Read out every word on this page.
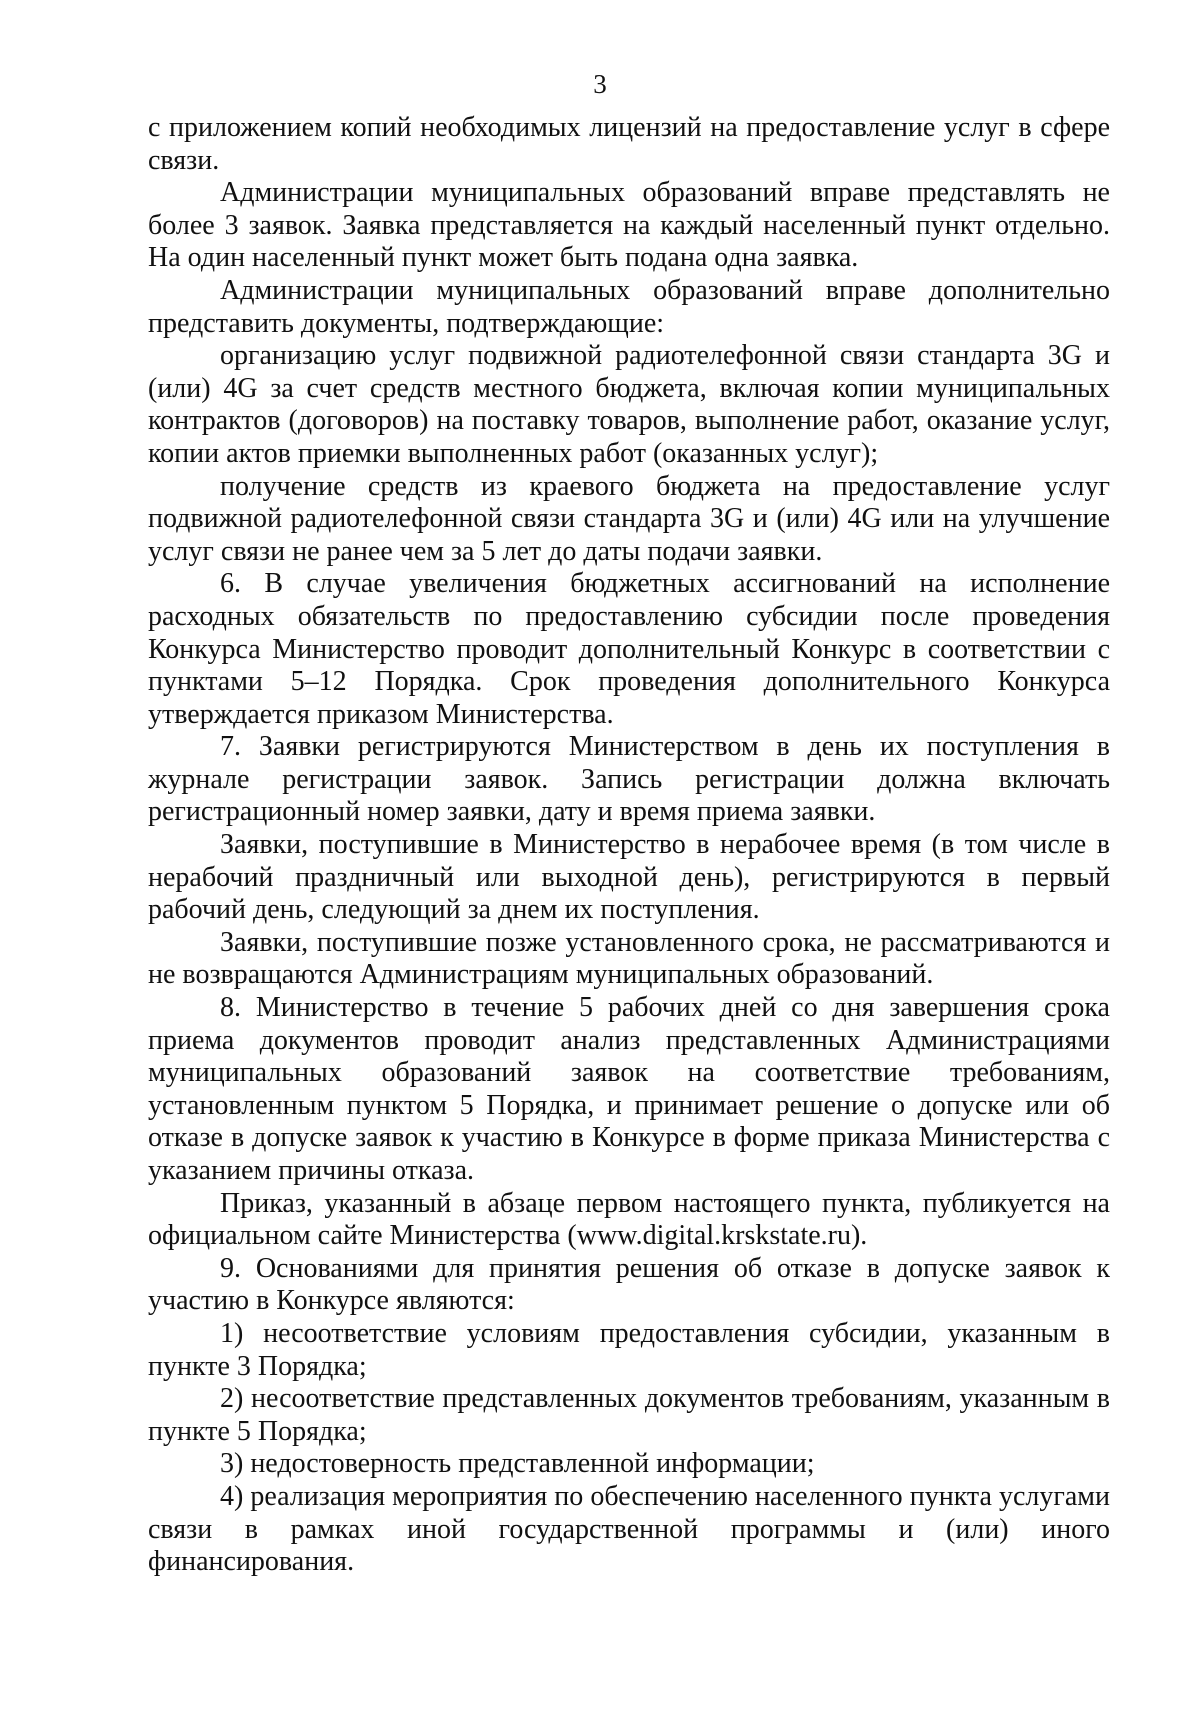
3

с приложением копий необходимых лицензий на предоставление услуг в сфере связи.

Администрации муниципальных образований вправе представлять не более 3 заявок. Заявка представляется на каждый населенный пункт отдельно. На один населенный пункт может быть подана одна заявка.

Администрации муниципальных образований вправе дополнительно представить документы, подтверждающие:

организацию услуг подвижной радиотелефонной связи стандарта 3G и (или) 4G за счет средств местного бюджета, включая копии муниципальных контрактов (договоров) на поставку товаров, выполнение работ, оказание услуг, копии актов приемки выполненных работ (оказанных услуг);

получение средств из краевого бюджета на предоставление услуг подвижной радиотелефонной связи стандарта 3G и (или) 4G или на улучшение услуг связи не ранее чем за 5 лет до даты подачи заявки.

6. В случае увеличения бюджетных ассигнований на исполнение расходных обязательств по предоставлению субсидии после проведения Конкурса Министерство проводит дополнительный Конкурс в соответствии с пунктами 5–12 Порядка. Срок проведения дополнительного Конкурса утверждается приказом Министерства.

7. Заявки регистрируются Министерством в день их поступления в журнале регистрации заявок. Запись регистрации должна включать регистрационный номер заявки, дату и время приема заявки.

Заявки, поступившие в Министерство в нерабочее время (в том числе в нерабочий праздничный или выходной день), регистрируются в первый рабочий день, следующий за днем их поступления.

Заявки, поступившие позже установленного срока, не рассматриваются и не возвращаются Администрациям муниципальных образований.

8. Министерство в течение 5 рабочих дней со дня завершения срока приема документов проводит анализ представленных Администрациями муниципальных образований заявок на соответствие требованиям, установленным пунктом 5 Порядка, и принимает решение о допуске или об отказе в допуске заявок к участию в Конкурсе в форме приказа Министерства с указанием причины отказа.

Приказ, указанный в абзаце первом настоящего пункта, публикуется на официальном сайте Министерства (www.digital.krskstate.ru).

9. Основаниями для принятия решения об отказе в допуске заявок к участию в Конкурсе являются:

1) несоответствие условиям предоставления субсидии, указанным в пункте 3 Порядка;

2) несоответствие представленных документов требованиям, указанным в пункте 5 Порядка;

3) недостоверность представленной информации;

4) реализация мероприятия по обеспечению населенного пункта услугами связи в рамках иной государственной программы и (или) иного финансирования.
